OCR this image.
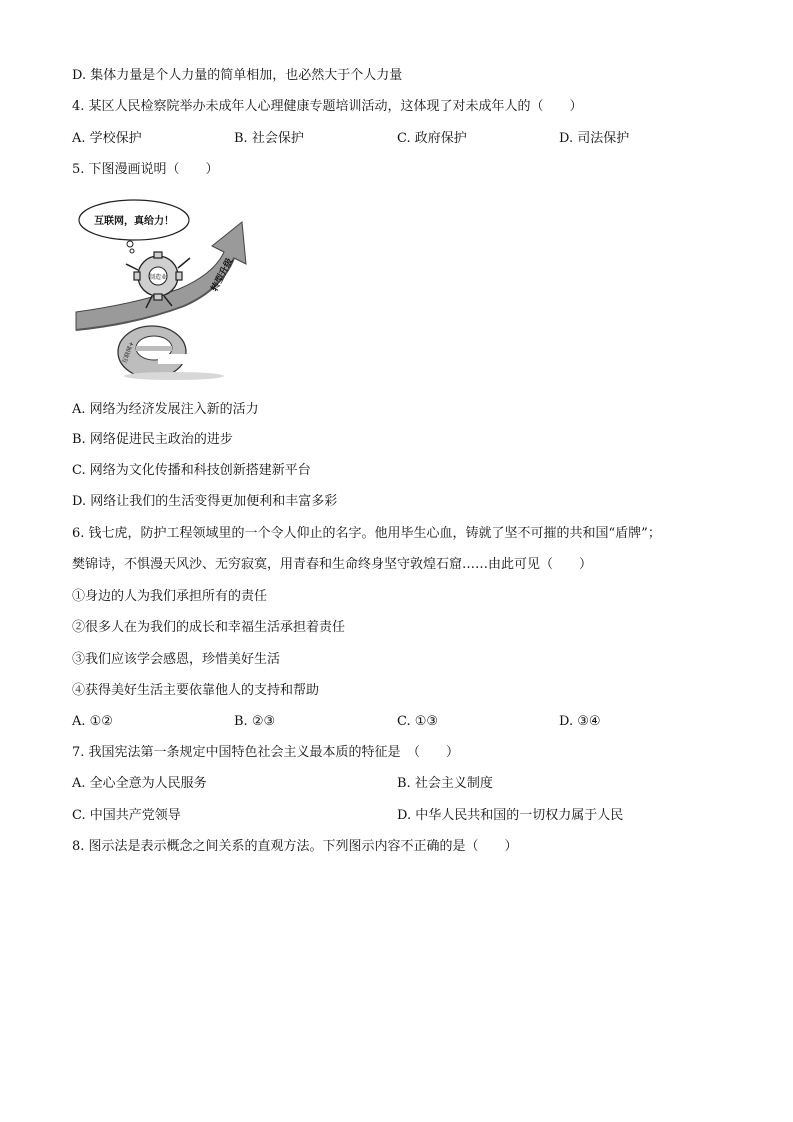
D. 集体力量是个人力量的简单相加，也必然大于个人力量
4. 某区人民检察院举办未成年人心理健康专题培训活动，这体现了对未成年人的（　　）
A. 学校保护	B. 社会保护	C. 政府保护	D. 司法保护
5. 下图漫画说明（　　）
互联网，真给力！
转型升级
制造业
互联网+
A. 网络为经济发展注入新的活力
B. 网络促进民主政治的进步
C. 网络为文化传播和科技创新搭建新平台
D. 网络让我们的生活变得更加便利和丰富多彩
6. 钱七虎，防护工程领域里的一个令人仰止的名字。他用毕生心血，铸就了坚不可摧的共和国“盾牌”；
樊锦诗，不惧漫天风沙、无穷寂寞，用青春和生命终身坚守敦煌石窟……由此可见（　　）
①身边的人为我们承担所有的责任
②很多人在为我们的成长和幸福生活承担着责任
③我们应该学会感恩，珍惜美好生活
④获得美好生活主要依靠他人的支持和帮助
A. ①②	B. ②③	C. ①③	D. ③④
7. 我国宪法第一条规定中国特色社会主义最本质的特征是　（　　）
A. 全心全意为人民服务	B. 社会主义制度
C. 中国共产党领导	D. 中华人民共和国的一切权力属于人民
8. 图示法是表示概念之间关系的直观方法。下列图示内容不正确的是（　　）
